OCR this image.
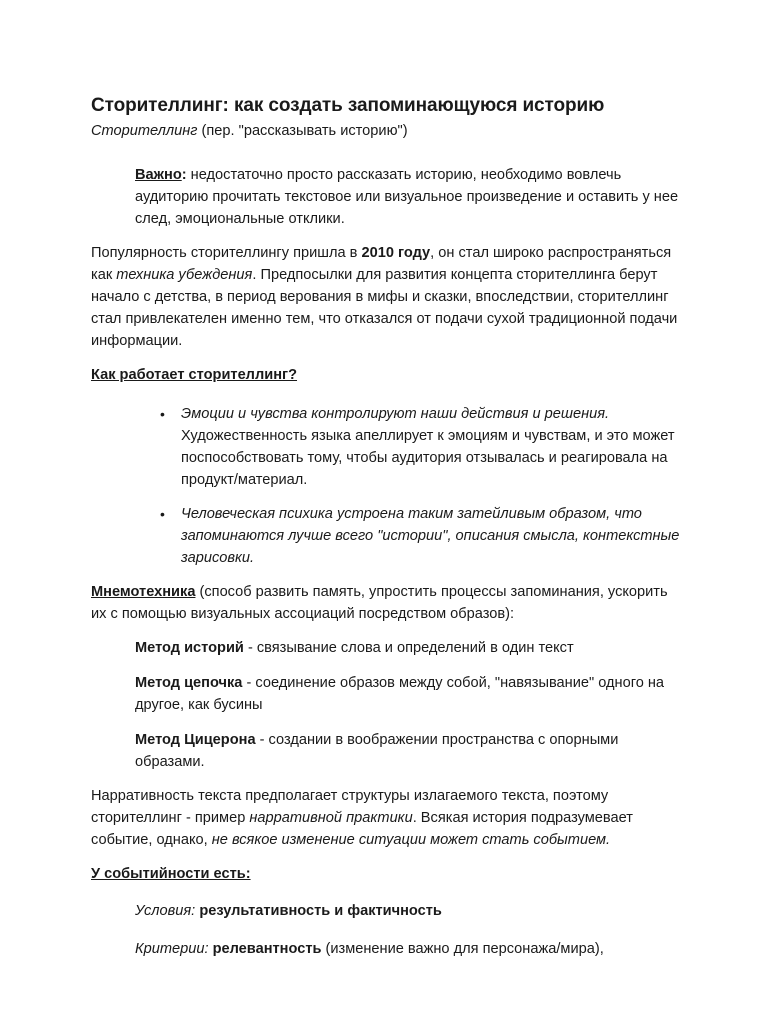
Сторителлинг: как создать запоминающуюся историю

Сторителлинг (пер. "рассказывать историю")

Важно: недостаточно просто рассказать историю, необходимо вовлечь аудиторию прочитать текстовое или визуальное произведение и оставить у нее след, эмоциональные отклики.

Популярность сторителлингу пришла в 2010 году, он стал широко распространяться как техника убеждения. Предпосылки для развития концепта сторителлинга берут начало с детства, в период верования в мифы и сказки, впоследствии, сторителлинг стал привлекателен именно тем, что отказался от подачи сухой традиционной подачи информации.

Как работает сторителлинг?

• Эмоции и чувства контролируют наши действия и решения. Художественность языка апеллирует к эмоциям и чувствам, и это может поспособствовать тому, чтобы аудитория отзывалась и реагировала на продукт/материал.
• Человеческая психика устроена таким затейливым образом, что запоминаются лучше всего "истории", описания смысла, контекстные зарисовки.

Мнемотехника (способ развить память, упростить процессы запоминания, ускорить их с помощью визуальных ассоциаций посредством образов):

Метод историй - связывание слова и определений в один текст

Метод цепочка - соединение образов между собой, "навязывание" одного на другое, как бусины

Метод Цицерона - создании в воображении пространства с опорными образами.

Нарративность текста предполагает структуры излагаемого текста, поэтому сторителлинг - пример нарративной практики. Всякая история подразумевает событие, однако, не всякое изменение ситуации может стать событием.

У событийности есть:

Условия: результативность и фактичность

Критерии: релевантность (изменение важно для персонажа/мира),
